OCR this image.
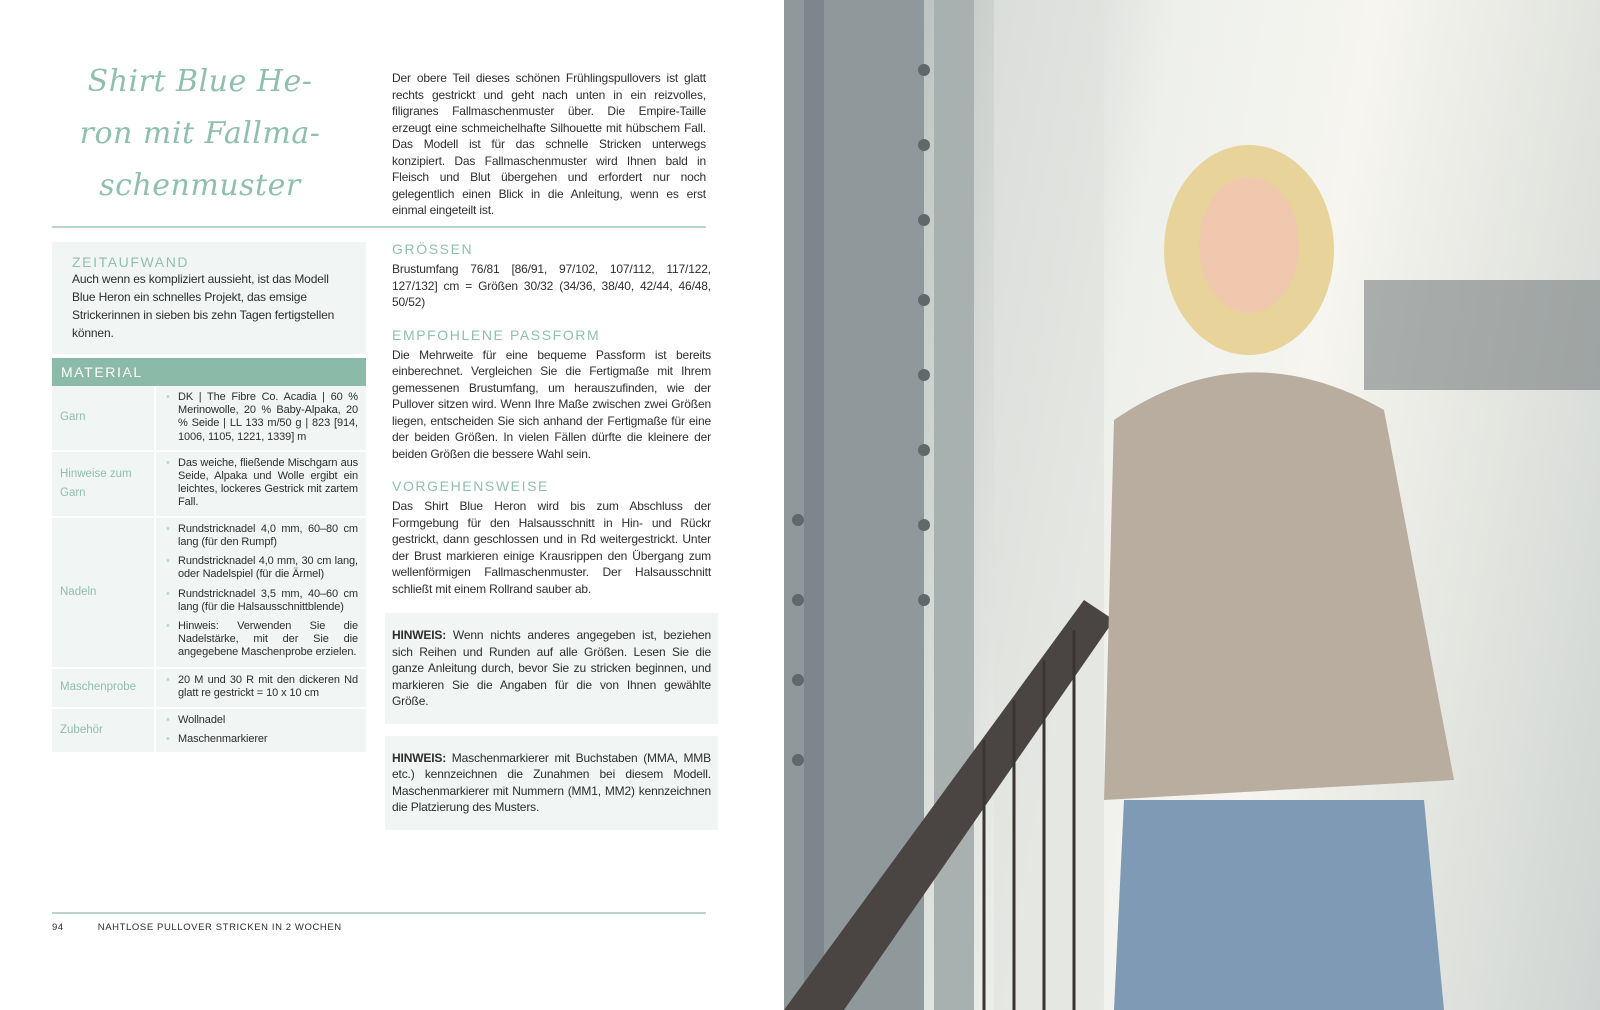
Shirt Blue He-
ron mit Fallma-
schenmuster

Der obere Teil dieses schönen Frühlingspullovers ist glatt rechts gestrickt und geht nach unten in ein reizvolles, filigranes Fallmaschenmuster über. Die Empire-Taille erzeugt eine schmeichelhafte Silhouette mit hübschem Fall. Das Modell ist für das schnelle Stricken unterwegs konzipiert. Das Fallmaschenmuster wird Ihnen bald in Fleisch und Blut übergehen und erfordert nur noch gelegentlich einen Blick in die Anleitung, wenn es erst einmal eingeteilt ist.

ZEITAUFWAND

Auch wenn es kompliziert aussieht, ist das Modell Blue Heron ein schnelles Projekt, das emsige Strickerinnen in sieben bis zehn Tagen fertigstellen können.

MATERIAL
Garn
• DK | The Fibre Co. Acadia | 60 % Merinowolle, 20 % Baby-Alpaka, 20 % Seide | LL 133 m/50 g | 823 [914, 1006, 1105, 1221, 1339] m
Hinweise zum Garn
• Das weiche, fließende Mischgarn aus Seide, Alpaka und Wolle ergibt ein leichtes, lockeres Gestrick mit zartem Fall.
Nadeln
• Rundstricknadel 4,0 mm, 60–80 cm lang (für den Rumpf)
• Rundstricknadel 4,0 mm, 30 cm lang, oder Nadelspiel (für die Ärmel)
• Rundstricknadel 3,5 mm, 40–60 cm lang (für die Halsausschnittblende)
• Hinweis: Verwenden Sie die Nadelstärke, mit der Sie die angegebene Maschenprobe erzielen.
Maschenprobe
• 20 M und 30 R mit den dickeren Nd glatt re gestrickt = 10 x 10 cm
Zubehör
• Wollnadel
• Maschenmarkierer
GRÖSSEN

Brustumfang 76/81 [86/91, 97/102, 107/112, 117/122, 127/132] cm = Größen 30/32 (34/36, 38/40, 42/44, 46/48, 50/52)

EMPFOHLENE PASSFORM

Die Mehrweite für eine bequeme Passform ist bereits einberechnet. Vergleichen Sie die Fertigmaße mit Ihrem gemessenen Brustumfang, um herauszufinden, wie der Pullover sitzen wird. Wenn Ihre Maße zwischen zwei Größen liegen, entscheiden Sie sich anhand der Fertigmaße für eine der beiden Größen. In vielen Fällen dürfte die kleinere der beiden Größen die bessere Wahl sein.

VORGEHENSWEISE

Das Shirt Blue Heron wird bis zum Abschluss der Formgebung für den Halsausschnitt in Hin- und Rückr gestrickt, dann geschlossen und in Rd weitergestrickt. Unter der Brust markieren einige Krausrippen den Übergang zum wellenförmigen Fallmaschenmuster. Der Halsausschnitt schließt mit einem Rollrand sauber ab.

HINWEIS: Wenn nichts anderes angegeben ist, beziehen sich Reihen und Runden auf alle Größen. Lesen Sie die ganze Anleitung durch, bevor Sie zu stricken beginnen, und markieren Sie die Angaben für die von Ihnen gewählte Größe.
HINWEIS: Maschenmarkierer mit Buchstaben (MMA, MMB etc.) kennzeichnen die Zunahmen bei diesem Modell. Maschenmarkierer mit Nummern (MM1, MM2) kennzeichnen die Platzierung des Musters.
94	NAHTLOSE PULLOVER STRICKEN IN 2 WOCHEN
